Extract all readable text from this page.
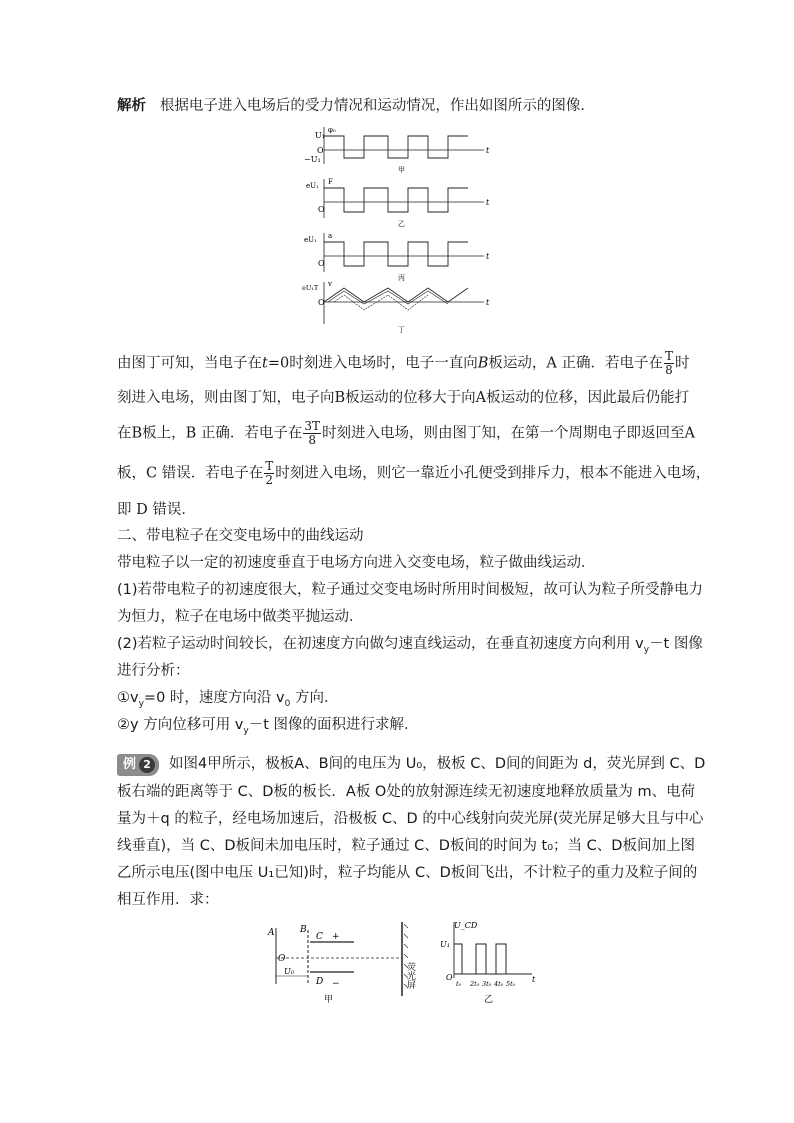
解析 根据电子进入电场后的受力情况和运动情况，作出如图所示的图像．
U₁
O
−U₁
φ₀
t
甲
eU₁
O
t
F
乙
eU₁
O
t
a
丙
eU₁T
O	t
v
丁
由图丁可知，当电子在t=0时刻进入电场时，电子一直向B板运动，A 正确．若电子在 $\frac{T}{8}$ 时
刻进入电场，则由图丁知，电子向B板运动的位移大于向A板运动的位移，因此最后仍能打
在B板上，B 正确．若电子在 $\frac{3T}{8}$ 时刻进入电场，则由图丁知，在第一个周期电子即返回至A
板，C 错误．若电子在 $\frac{T}{2}$ 时刻进入电场，则它一靠近小孔便受到排斥力，根本不能进入电场，
即 D 错误．
二、带电粒子在交变电场中的曲线运动
带电粒子以一定的初速度垂直于电场方向进入交变电场，粒子做曲线运动．
(1)若带电粒子的初速度很大，粒子通过交变电场时所用时间极短，故可认为粒子所受静电力
为恒力，粒子在电场中做类平抛运动．
(2)若粒子运动时间较长，在初速度方向做匀速直线运动，在垂直初速度方向利用 $v_y-t$ 图像
进行分析：
$①v_y=0$ 时，速度方向沿 $v_0$ 方向．
②y 方向位移可用 $v_y-t$ 图像的面积进行求解．
例 2 如图4甲所示，极板A、B间的电压为 U₀，极板 C、D间的间距为 d，荧光屏到 C、D
板右端的距离等于 C、D板的板长．A板 O处的放射源连续无初速度地释放质量为 m、电荷
量为＋q 的粒子，经电场加速后，沿极板 C、D 的中心线射向荧光屏(荧光屏足够大且与中心
线垂直)，当 C、D板间未加电压时，粒子通过 C、D板间的时间为 t₀；当 C、D板间加上图
乙所示电压(图中电压 U₁已知)时，粒子均能从 C、D板间飞出，不计粒子的重力及粒子间的
相互作用．求：
A	B
C +
D −
O
U₀	荧光屏
甲
U_CD
U₁
O	t
t₀ 2t₀ 3t₀ 4t₀ 5t₀
乙
